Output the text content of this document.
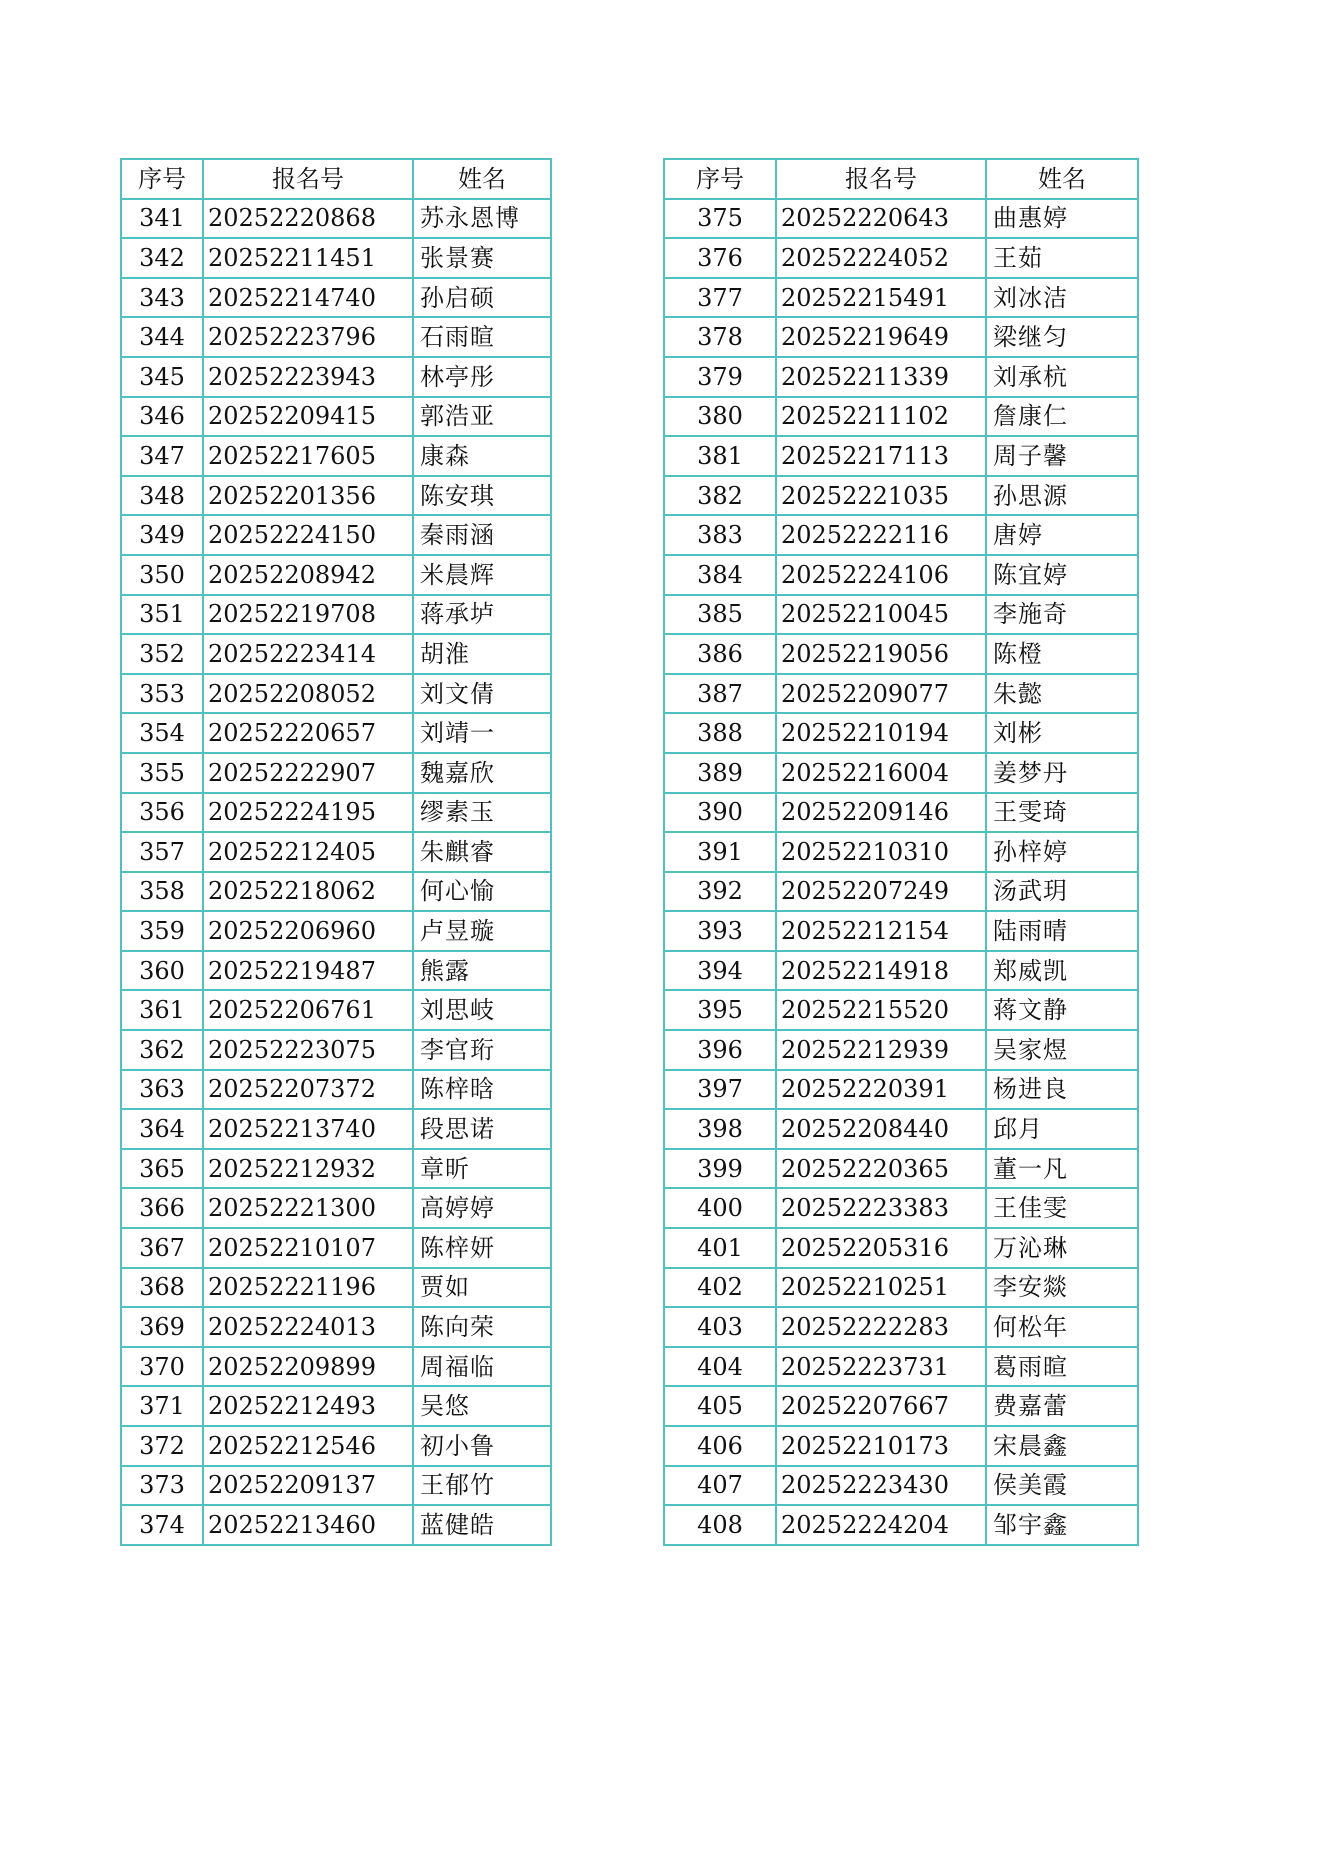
序号	报名号	姓名
341	20252220868	苏永恩博
342	20252211451	张景赛
343	20252214740	孙启硕
344	20252223796	石雨暄
345	20252223943	林亭彤
346	20252209415	郭浩亚
347	20252217605	康森
348	20252201356	陈安琪
349	20252224150	秦雨涵
350	20252208942	米晨辉
351	20252219708	蒋承垆
352	20252223414	胡淮
353	20252208052	刘文倩
354	20252220657	刘靖一
355	20252222907	魏嘉欣
356	20252224195	缪素玉
357	20252212405	朱麒睿
358	20252218062	何心愉
359	20252206960	卢昱璇
360	20252219487	熊露
361	20252206761	刘思岐
362	20252223075	李官珩
363	20252207372	陈梓晗
364	20252213740	段思诺
365	20252212932	章昕
366	20252221300	高婷婷
367	20252210107	陈梓妍
368	20252221196	贾如
369	20252224013	陈向荣
370	20252209899	周福临
371	20252212493	吴悠
372	20252212546	初小鲁
373	20252209137	王郁竹
374	20252213460	蓝健皓
序号	报名号	姓名
375	20252220643	曲惠婷
376	20252224052	王茹
377	20252215491	刘冰洁
378	20252219649	梁继匀
379	20252211339	刘承杭
380	20252211102	詹康仁
381	20252217113	周子馨
382	20252221035	孙思源
383	20252222116	唐婷
384	20252224106	陈宜婷
385	20252210045	李施奇
386	20252219056	陈橙
387	20252209077	朱懿
388	20252210194	刘彬
389	20252216004	姜梦丹
390	20252209146	王雯琦
391	20252210310	孙梓婷
392	20252207249	汤武玥
393	20252212154	陆雨晴
394	20252214918	郑威凯
395	20252215520	蒋文静
396	20252212939	吴家煜
397	20252220391	杨进良
398	20252208440	邱月
399	20252220365	董一凡
400	20252223383	王佳雯
401	20252205316	万沁琳
402	20252210251	李安燚
403	20252222283	何松年
404	20252223731	葛雨暄
405	20252207667	费嘉蕾
406	20252210173	宋晨鑫
407	20252223430	侯美霞
408	20252224204	邹宇鑫
